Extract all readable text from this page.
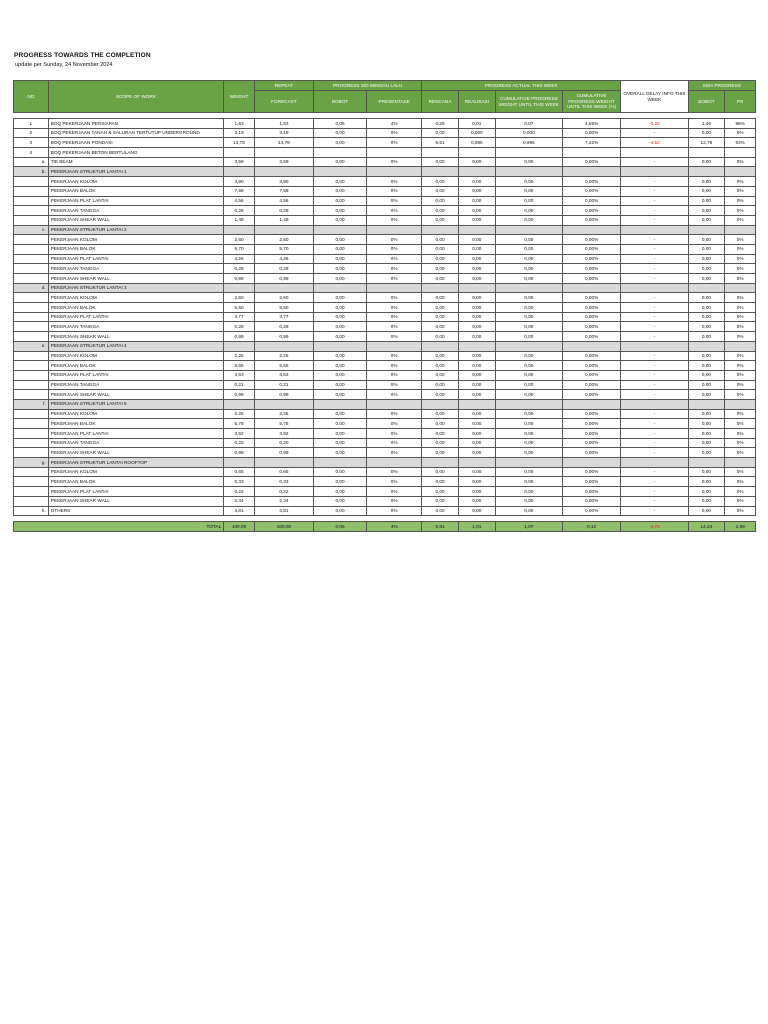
PROGRESS TOWARDS THE COMPLETION
update per Sunday, 24 November 2024
NO	SCOPE OF WORK	WEIGHT	REPEAT	PROGRESS S/D MINGGU LALU		PROGRESS ACTUAL THIS WEEK				OVERALL DELAY INFO THIS WEEK	SISA PROGRESS	
			FORECAST	BOBOT	PRESENTASE	RENCANA	REALISASI	CUMULATIVE PROGRESS WEIGHT UNTIL THIS WEEK	CUMULATIVE PROGRESS WEIGHT UNTIL THIS WEEK (%)		BOBOT	PS

1	BOQ PEKERJAAN PERSIAPAN	1,53	1,53	0,06	4%	0,29	0,01	0,07	4,65%	-0,22	1,46	96%
2	BOQ PEKERJAAN TANAH & SALURAN TERTUTUP UNDERGROUND	3,19	3,19	0,00	0%	0,00	0,000	0,000	0,00%	-	0,00	0%
3	BOQ PEKERJAAN PONDASI	13,78	13,78	0,00	0%	5,51	0,995	0,995	7,22%	-4,52	12,78	93%
4	BOQ PEKERJAAN BETON BERTULANG											
a.	TIE BEAM	3,59	3,59	0,00	0%	0,00	0,00	0,00	0,00%	-	0,00	0%
b.	PEKERJAAN STRUKTUR LANTAI 1											
	PEKERJAAN KOLOM	3,90	3,90	0,00	0%	0,00	0,00	0,00	0,00%	-	0,00	0%
	PEKERJAAN BALOK	7,58	7,58	0,00	0%	0,00	0,00	0,00	0,00%	-	0,00	0%
	PEKERJAAN PLAT LANTAI	4,56	4,56	0,00	0%	0,00	0,00	0,00	0,00%	-	0,00	0%
	PEKERJAAN TANGGA	0,28	0,28	0,00	0%	0,00	0,00	0,00	0,00%	-	0,00	0%
	PEKERJAAN SHEAR WALL	1,49	1,49	0,00	0%	0,00	0,00	0,00	0,00%	-	0,00	0%
c.	PEKERJAAN STRUKTUR LANTAI 2											
	PEKERJAAN KOLOM	2,60	2,60	0,00	0%	0,00	0,00	0,00	0,00%	-	0,00	0%
	PEKERJAAN BALOK	5,70	5,70	0,00	0%	0,00	0,00	0,00	0,00%	-	0,00	0%
	PEKERJAAN PLAT LANTAI	4,26	4,26	0,00	0%	0,00	0,00	0,00	0,00%	-	0,00	0%
	PEKERJAAN TANGGA	0,28	0,28	0,00	0%	0,00	0,00	0,00	0,00%	-	0,00	0%
	PEKERJAAN SHEAR WALL	0,99	0,99	0,00	0%	0,00	0,00	0,00	0,00%	-	0,00	0%
d.	PEKERJAAN STRUKTUR LANTAI 3											
	PEKERJAAN KOLOM	2,60	2,60	0,00	0%	0,00	0,00	0,00	0,00%	-	0,00	0%
	PEKERJAAN BALOK	5,50	5,50	0,00	0%	0,00	0,00	0,00	0,00%	-	0,00	0%
	PEKERJAAN PLAT LANTAI	3,77	3,77	0,00	0%	0,00	0,00	0,00	0,00%	-	0,00	0%
	PEKERJAAN TANGGA	0,28	0,28	0,00	0%	0,00	0,00	0,00	0,00%	-	0,00	0%
	PEKERJAAN SHEAR WALL	0,99	0,99	0,00	0%	0,00	0,00	0,00	0,00%	-	0,00	0%
e.	PEKERJAAN STRUKTUR LANTAI 4											
	PEKERJAAN KOLOM	2,25	2,25	0,00	0%	0,00	0,00	0,00	0,00%	-	0,00	0%
	PEKERJAAN BALOK	5,65	5,65	0,00	0%	0,00	0,00	0,00	0,00%	-	0,00	0%
	PEKERJAAN PLAT LANTAI	3,53	3,53	0,00	0%	0,00	0,00	0,00	0,00%	-	0,00	0%
	PEKERJAAN TANGGA	0,21	0,21	0,00	0%	0,00	0,00	0,00	0,00%	-	0,00	0%
	PEKERJAAN SHEAR WALL	0,99	0,99	0,00	0%	0,00	0,00	0,00	0,00%	-	0,00	0%
f.	PEKERJAAN STRUKTUR LANTAI 5											
	PEKERJAAN KOLOM	2,25	2,25	0,00	0%	0,00	0,00	0,00	0,00%	-	0,00	0%
	PEKERJAAN BALOK	5,78	5,78	0,00	0%	0,00	0,00	0,00	0,00%	-	0,00	0%
	PEKERJAAN PLAT LANTAI	3,92	3,92	0,00	0%	0,00	0,00	0,00	0,00%	-	0,00	0%
	PEKERJAAN TANGGA	0,20	0,20	0,00	0%	0,00	0,00	0,00	0,00%	-	0,00	0%
	PEKERJAAN SHEAR WALL	0,99	0,99	0,00	0%	0,00	0,00	0,00	0,00%	-	0,00	0%
g.	PEKERJAAN STRUKTUR LANTAI ROOFTOP											
	PEKERJAAN KOLOM	0,65	0,65	0,00	0%	0,00	0,00	0,00	0,00%	-	0,00	0%
	PEKERJAAN BALOK	0,33	0,33	0,00	0%	0,00	0,00	0,00	0,00%	-	0,00	0%
	PEKERJAAN PLAT LANTAI	0,22	0,22	0,00	0%	0,00	0,00	0,00	0,00%	-	0,00	0%
	PEKERJAAN SHEAR WALL	2,34	2,34	0,00	0%	0,00	0,00	0,00	0,00%	-	0,00	0%
h.	OTHERS	3,81	3,81	0,00	0%	0,00	0,00	0,00	0,00%	-	0,00	0%

TOTAL		100,00	100,00	0,06	4%	5,81	1,01	1,07	0,12	-4,74	14,24	1,89
